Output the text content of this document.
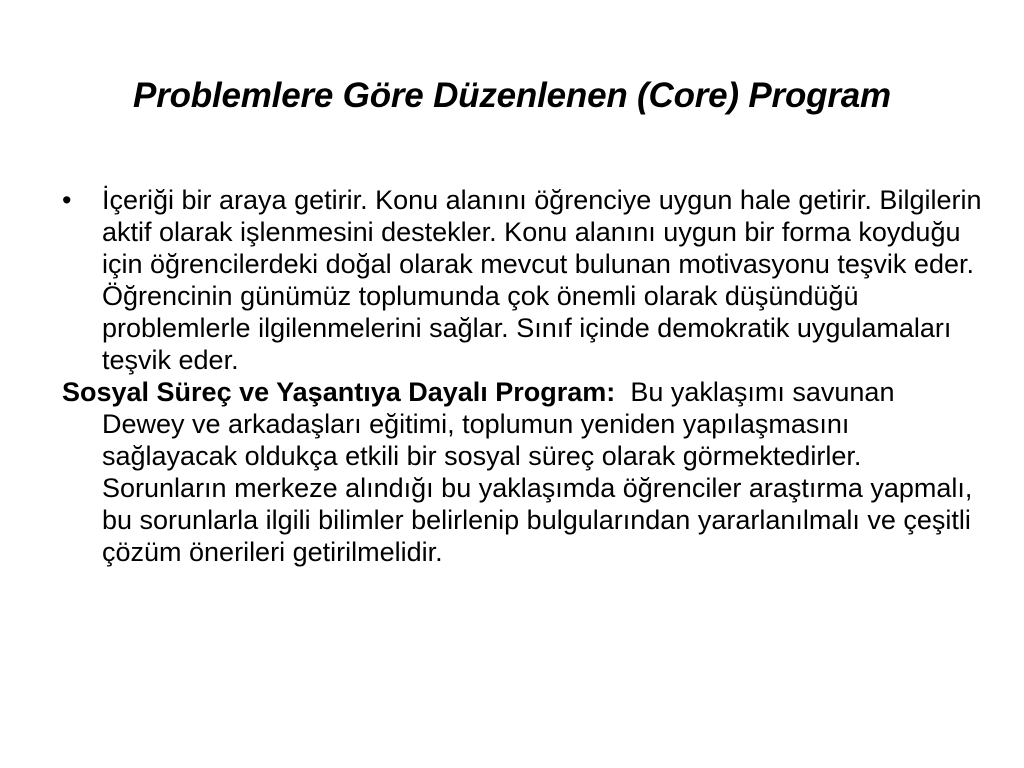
Problemlere Göre Düzenlenen (Core) Program

•	İçeriği bir araya getirir. Konu alanını öğrenciye uygun hale getirir. Bilgilerin aktif olarak işlenmesini destekler. Konu alanını uygun bir forma koyduğu için öğrencilerdeki doğal olarak mevcut bulunan motivasyonu teşvik eder. Öğrencinin günümüz toplumunda çok önemli olarak düşündüğü problemlerle ilgilenmelerini sağlar. Sınıf içinde demokratik uygulamaları teşvik eder.

Sosyal Süreç ve Yaşantıya Dayalı Program: Bu yaklaşımı savunan Dewey ve arkadaşları eğitimi, toplumun yeniden yapılaşmasını sağlayacak oldukça etkili bir sosyal süreç olarak görmektedirler. Sorunların merkeze alındığı bu yaklaşımda öğrenciler araştırma yapmalı, bu sorunlarla ilgili bilimler belirlenip bulgularından yararlanılmalı ve çeşitli çözüm önerileri getirilmelidir.
